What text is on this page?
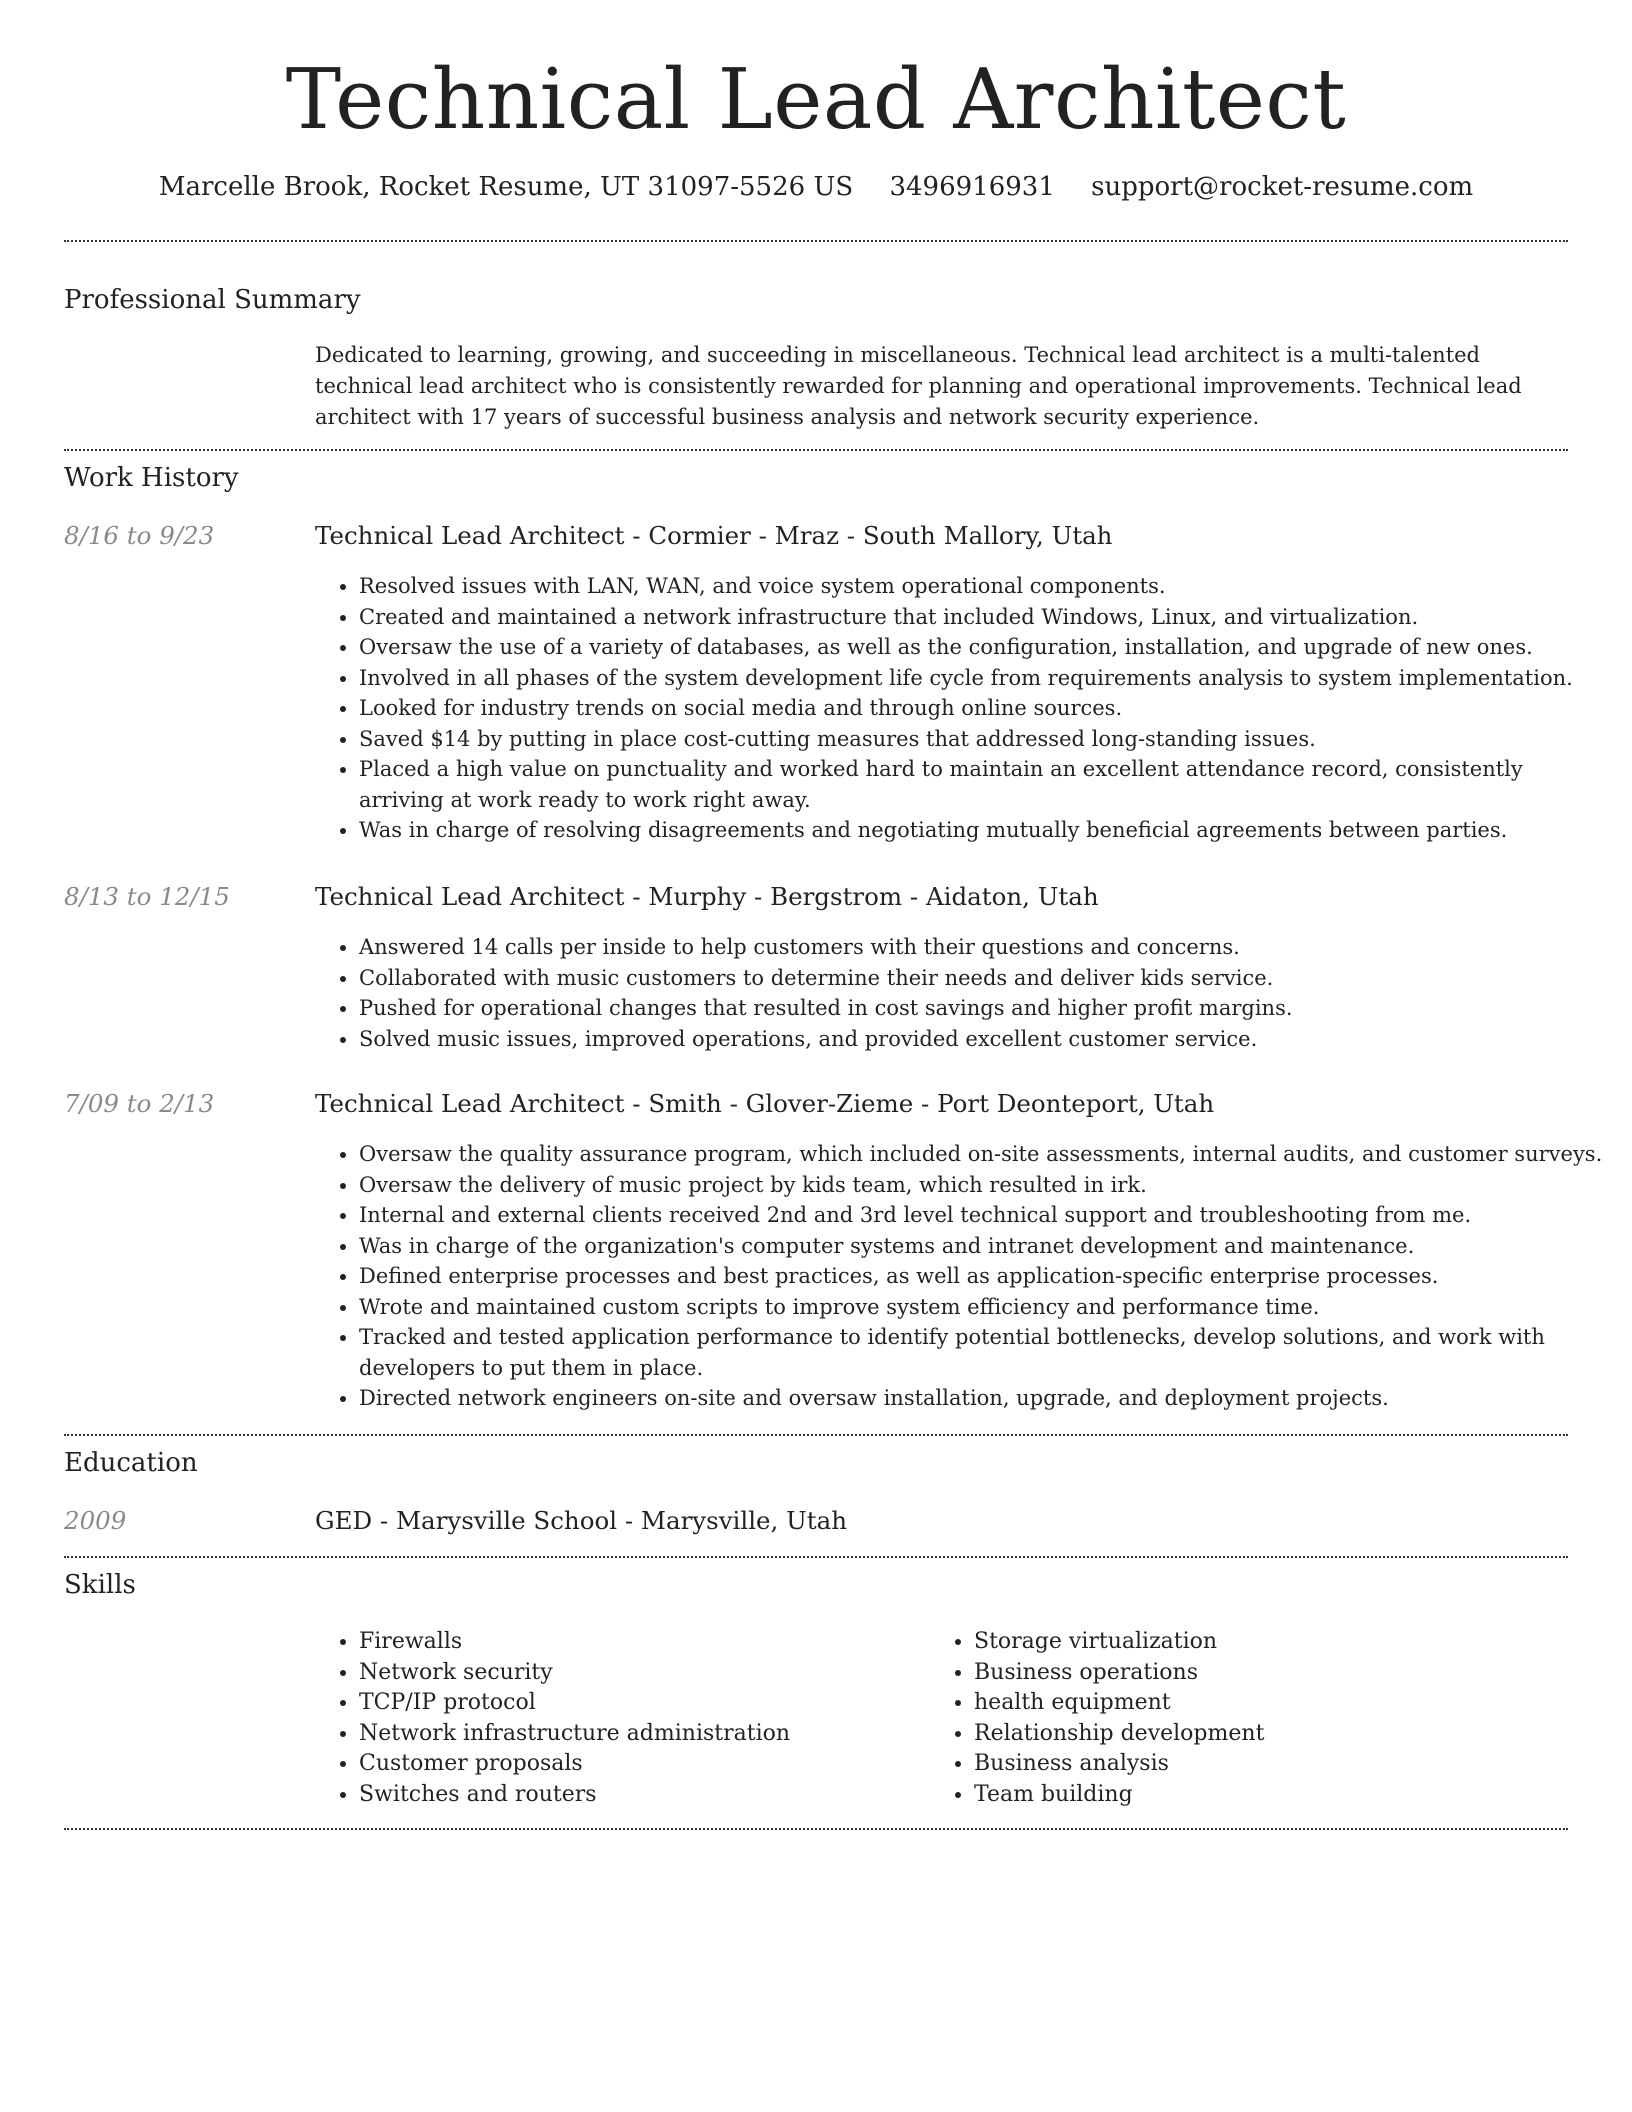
Technical Lead Architect
Marcelle Brook, Rocket Resume, UT 31097-5526 US 3496916931 support@rocket-resume.com
Professional Summary
Dedicated to learning, growing, and succeeding in miscellaneous. Technical lead architect is a multi-talented technical lead architect who is consistently rewarded for planning and operational improvements. Technical lead architect with 17 years of successful business analysis and network security experience.
Work History
8/16 to 9/23	Technical Lead Architect - Cormier - Mraz - South Mallory, Utah
• Resolved issues with LAN, WAN, and voice system operational components.
• Created and maintained a network infrastructure that included Windows, Linux, and virtualization.
• Oversaw the use of a variety of databases, as well as the configuration, installation, and upgrade of new ones.
• Involved in all phases of the system development life cycle from requirements analysis to system implementation.
• Looked for industry trends on social media and through online sources.
• Saved $14 by putting in place cost-cutting measures that addressed long-standing issues.
• Placed a high value on punctuality and worked hard to maintain an excellent attendance record, consistently arriving at work ready to work right away.
• Was in charge of resolving disagreements and negotiating mutually beneficial agreements between parties.
8/13 to 12/15	Technical Lead Architect - Murphy - Bergstrom - Aidaton, Utah
• Answered 14 calls per inside to help customers with their questions and concerns.
• Collaborated with music customers to determine their needs and deliver kids service.
• Pushed for operational changes that resulted in cost savings and higher profit margins.
• Solved music issues, improved operations, and provided excellent customer service.
7/09 to 2/13	Technical Lead Architect - Smith - Glover-Zieme - Port Deonteport, Utah
• Oversaw the quality assurance program, which included on-site assessments, internal audits, and customer surveys.
• Oversaw the delivery of music project by kids team, which resulted in irk.
• Internal and external clients received 2nd and 3rd level technical support and troubleshooting from me.
• Was in charge of the organization's computer systems and intranet development and maintenance.
• Defined enterprise processes and best practices, as well as application-specific enterprise processes.
• Wrote and maintained custom scripts to improve system efficiency and performance time.
• Tracked and tested application performance to identify potential bottlenecks, develop solutions, and work with developers to put them in place.
• Directed network engineers on-site and oversaw installation, upgrade, and deployment projects.
Education
2009	GED - Marysville School - Marysville, Utah
Skills
• Firewalls
• Network security
• TCP/IP protocol
• Network infrastructure administration
• Customer proposals
• Switches and routers
• Storage virtualization
• Business operations
• health equipment
• Relationship development
• Business analysis
• Team building
